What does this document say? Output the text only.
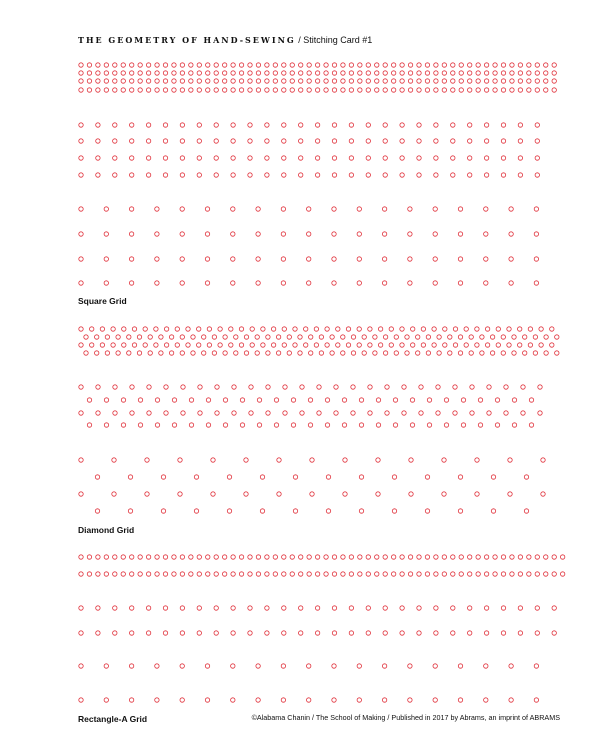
THE GEOMETRY OF HAND-SEWING / Stitching Card #1
Square Grid
Diamond Grid
Rectangle-A Grid	©Alabama Chanin / The School of Making / Published in 2017 by Abrams, an imprint of ABRAMS
